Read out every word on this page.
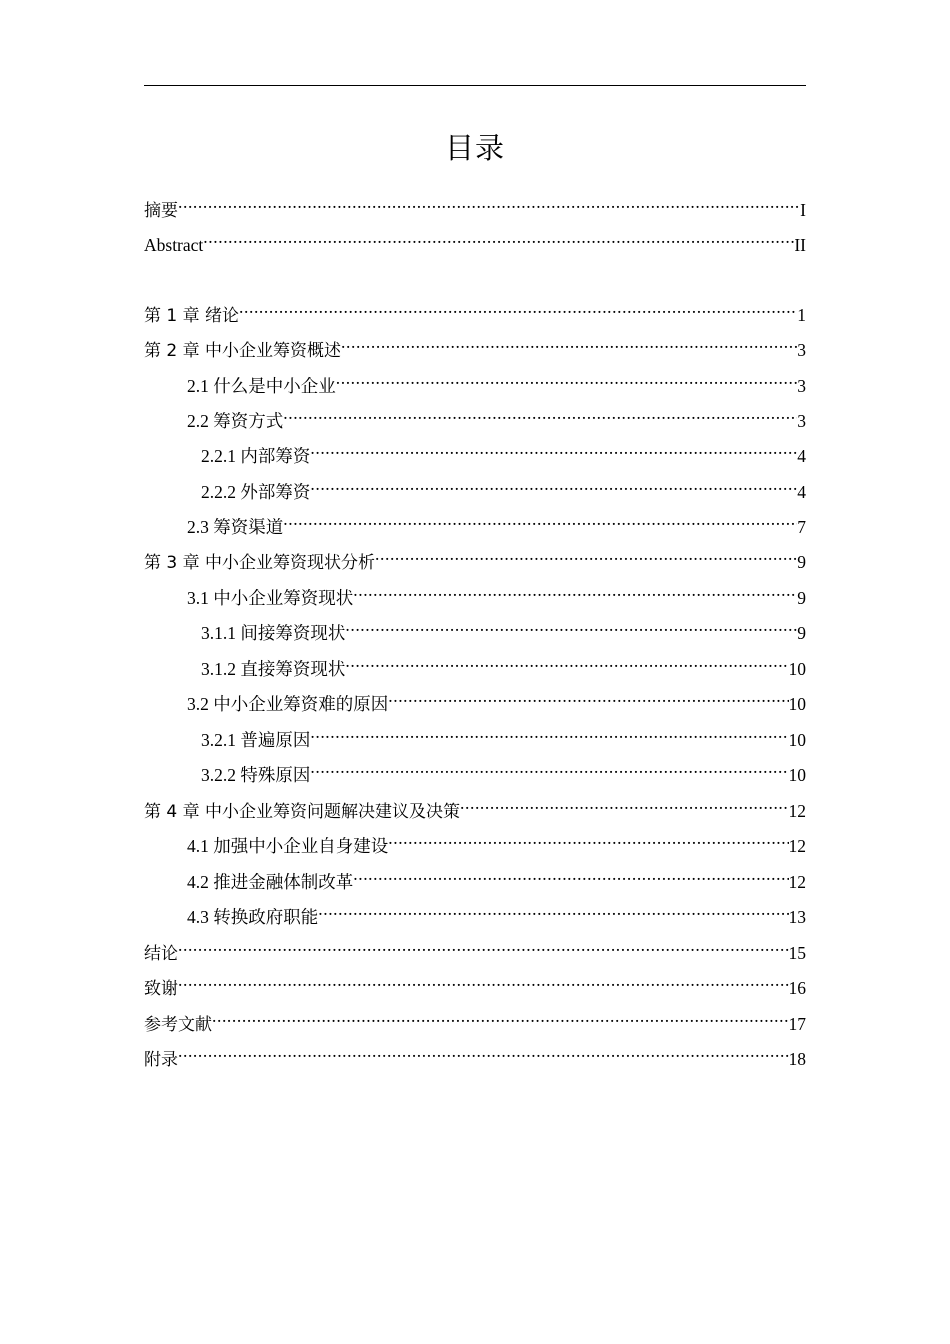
目录
摘要 .....	I
Abstract .....	II
第 1 章 绪论 .....	1
第 2 章 中小企业筹资概述 .....	3
2.1 什么是中小企业 .....	3
2.2 筹资方式 .....	3
2.2.1 内部筹资 .....	4
2.2.2 外部筹资 .....	4
2.3 筹资渠道 .....	7
第 3 章 中小企业筹资现状分析 .....	9
3.1 中小企业筹资现状 .....	9
3.1.1 间接筹资现状 .....	9
3.1.2 直接筹资现状 .....	10
3.2 中小企业筹资难的原因 .....	10
3.2.1 普遍原因 .....	10
3.2.2 特殊原因 .....	10
第 4 章 中小企业筹资问题解决建议及决策 .....	12
4.1 加强中小企业自身建设 .....	12
4.2 推进金融体制改革 .....	12
4.3 转换政府职能 .....	13
结论 .....	15
致谢 .....	16
参考文献 .....	17
附录 .....	18
